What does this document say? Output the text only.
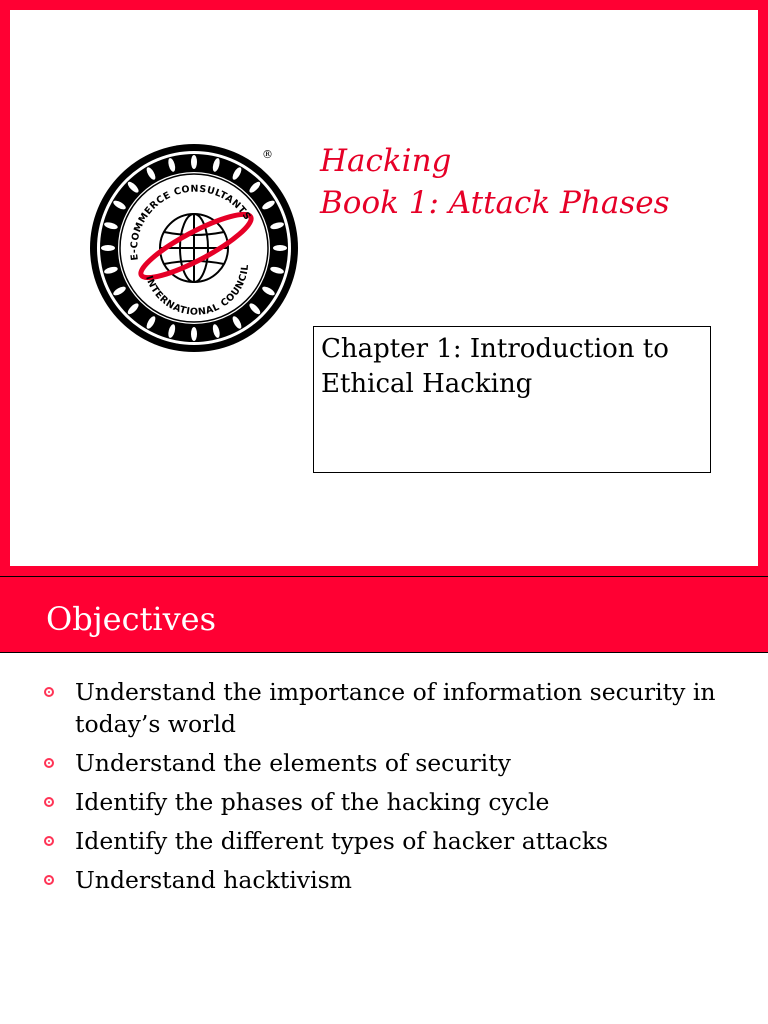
E-COMMERCE CONSULTANTS
INTERNATIONAL COUNCIL
® Hacking
Book 1: Attack Phases
Chapter 1: Introduction to Ethical Hacking
Objectives
Understand the importance of information security in today’s world
Understand the elements of security
Identify the phases of the hacking cycle
Identify the different types of hacker attacks
Understand hacktivism
